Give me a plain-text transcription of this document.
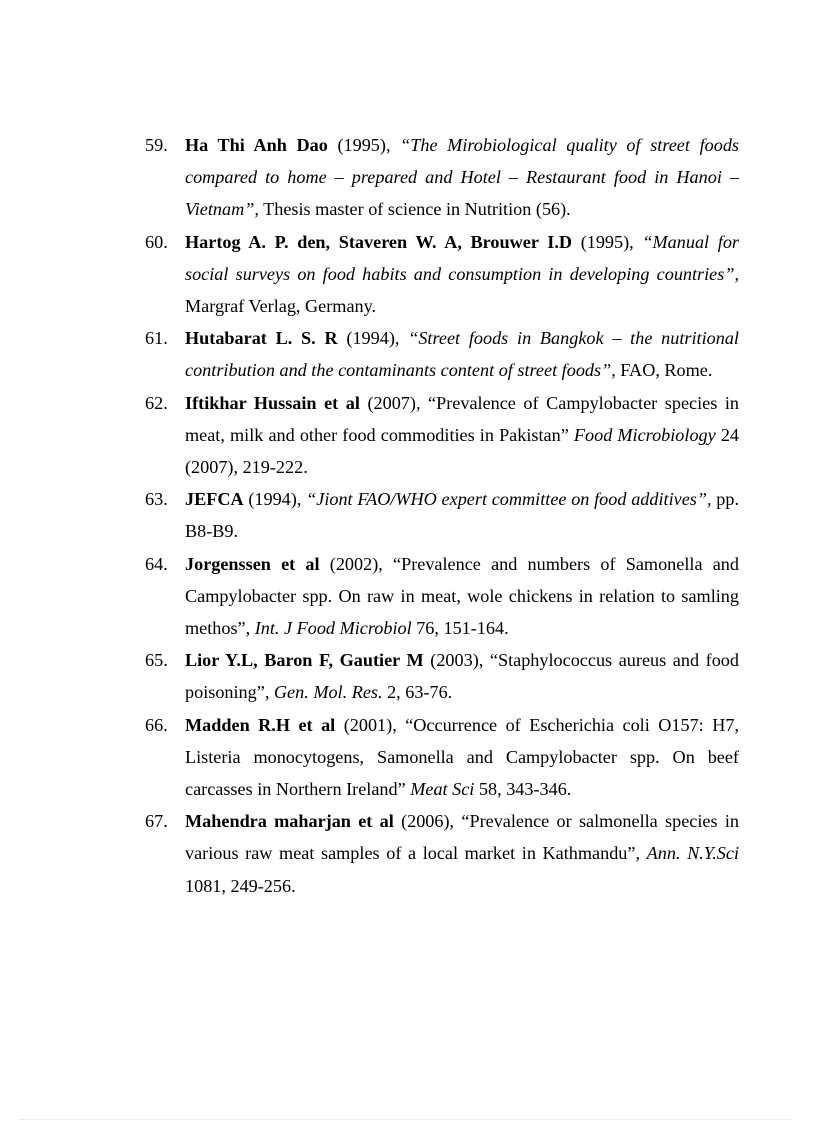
59. Ha Thi Anh Dao (1995), “The Mirobiological quality of street foods compared to home – prepared and Hotel – Restaurant food in Hanoi – Vietnam”, Thesis master of science in Nutrition (56).
60. Hartog A. P. den, Staveren W. A, Brouwer I.D (1995), “Manual for social surveys on food habits and consumption in developing countries”, Margraf Verlag, Germany.
61. Hutabarat L. S. R (1994), “Street foods in Bangkok – the nutritional contribution and the contaminants content of street foods”, FAO, Rome.
62. Iftikhar Hussain et al (2007), “Prevalence of Campylobacter species in meat, milk and other food commodities in Pakistan” Food Microbiology 24 (2007), 219-222.
63. JEFCA (1994), “Jiont FAO/WHO expert committee on food additives”, pp. B8-B9.
64. Jorgenssen et al (2002), “Prevalence and numbers of Samonella and Campylobacter spp. On raw in meat, wole chickens in relation to samling methos”, Int. J Food Microbiol 76, 151-164.
65. Lior Y.L, Baron F, Gautier M (2003), “Staphylococcus aureus and food poisoning”, Gen. Mol. Res. 2, 63-76.
66. Madden R.H et al (2001), “Occurrence of Escherichia coli O157: H7, Listeria monocytogens, Samonella and Campylobacter spp. On beef carcasses in Northern Ireland” Meat Sci 58, 343-346.
67. Mahendra maharjan et al (2006), “Prevalence or salmonella species in various raw meat samples of a local market in Kathmandu”, Ann. N.Y.Sci 1081, 249-256.
